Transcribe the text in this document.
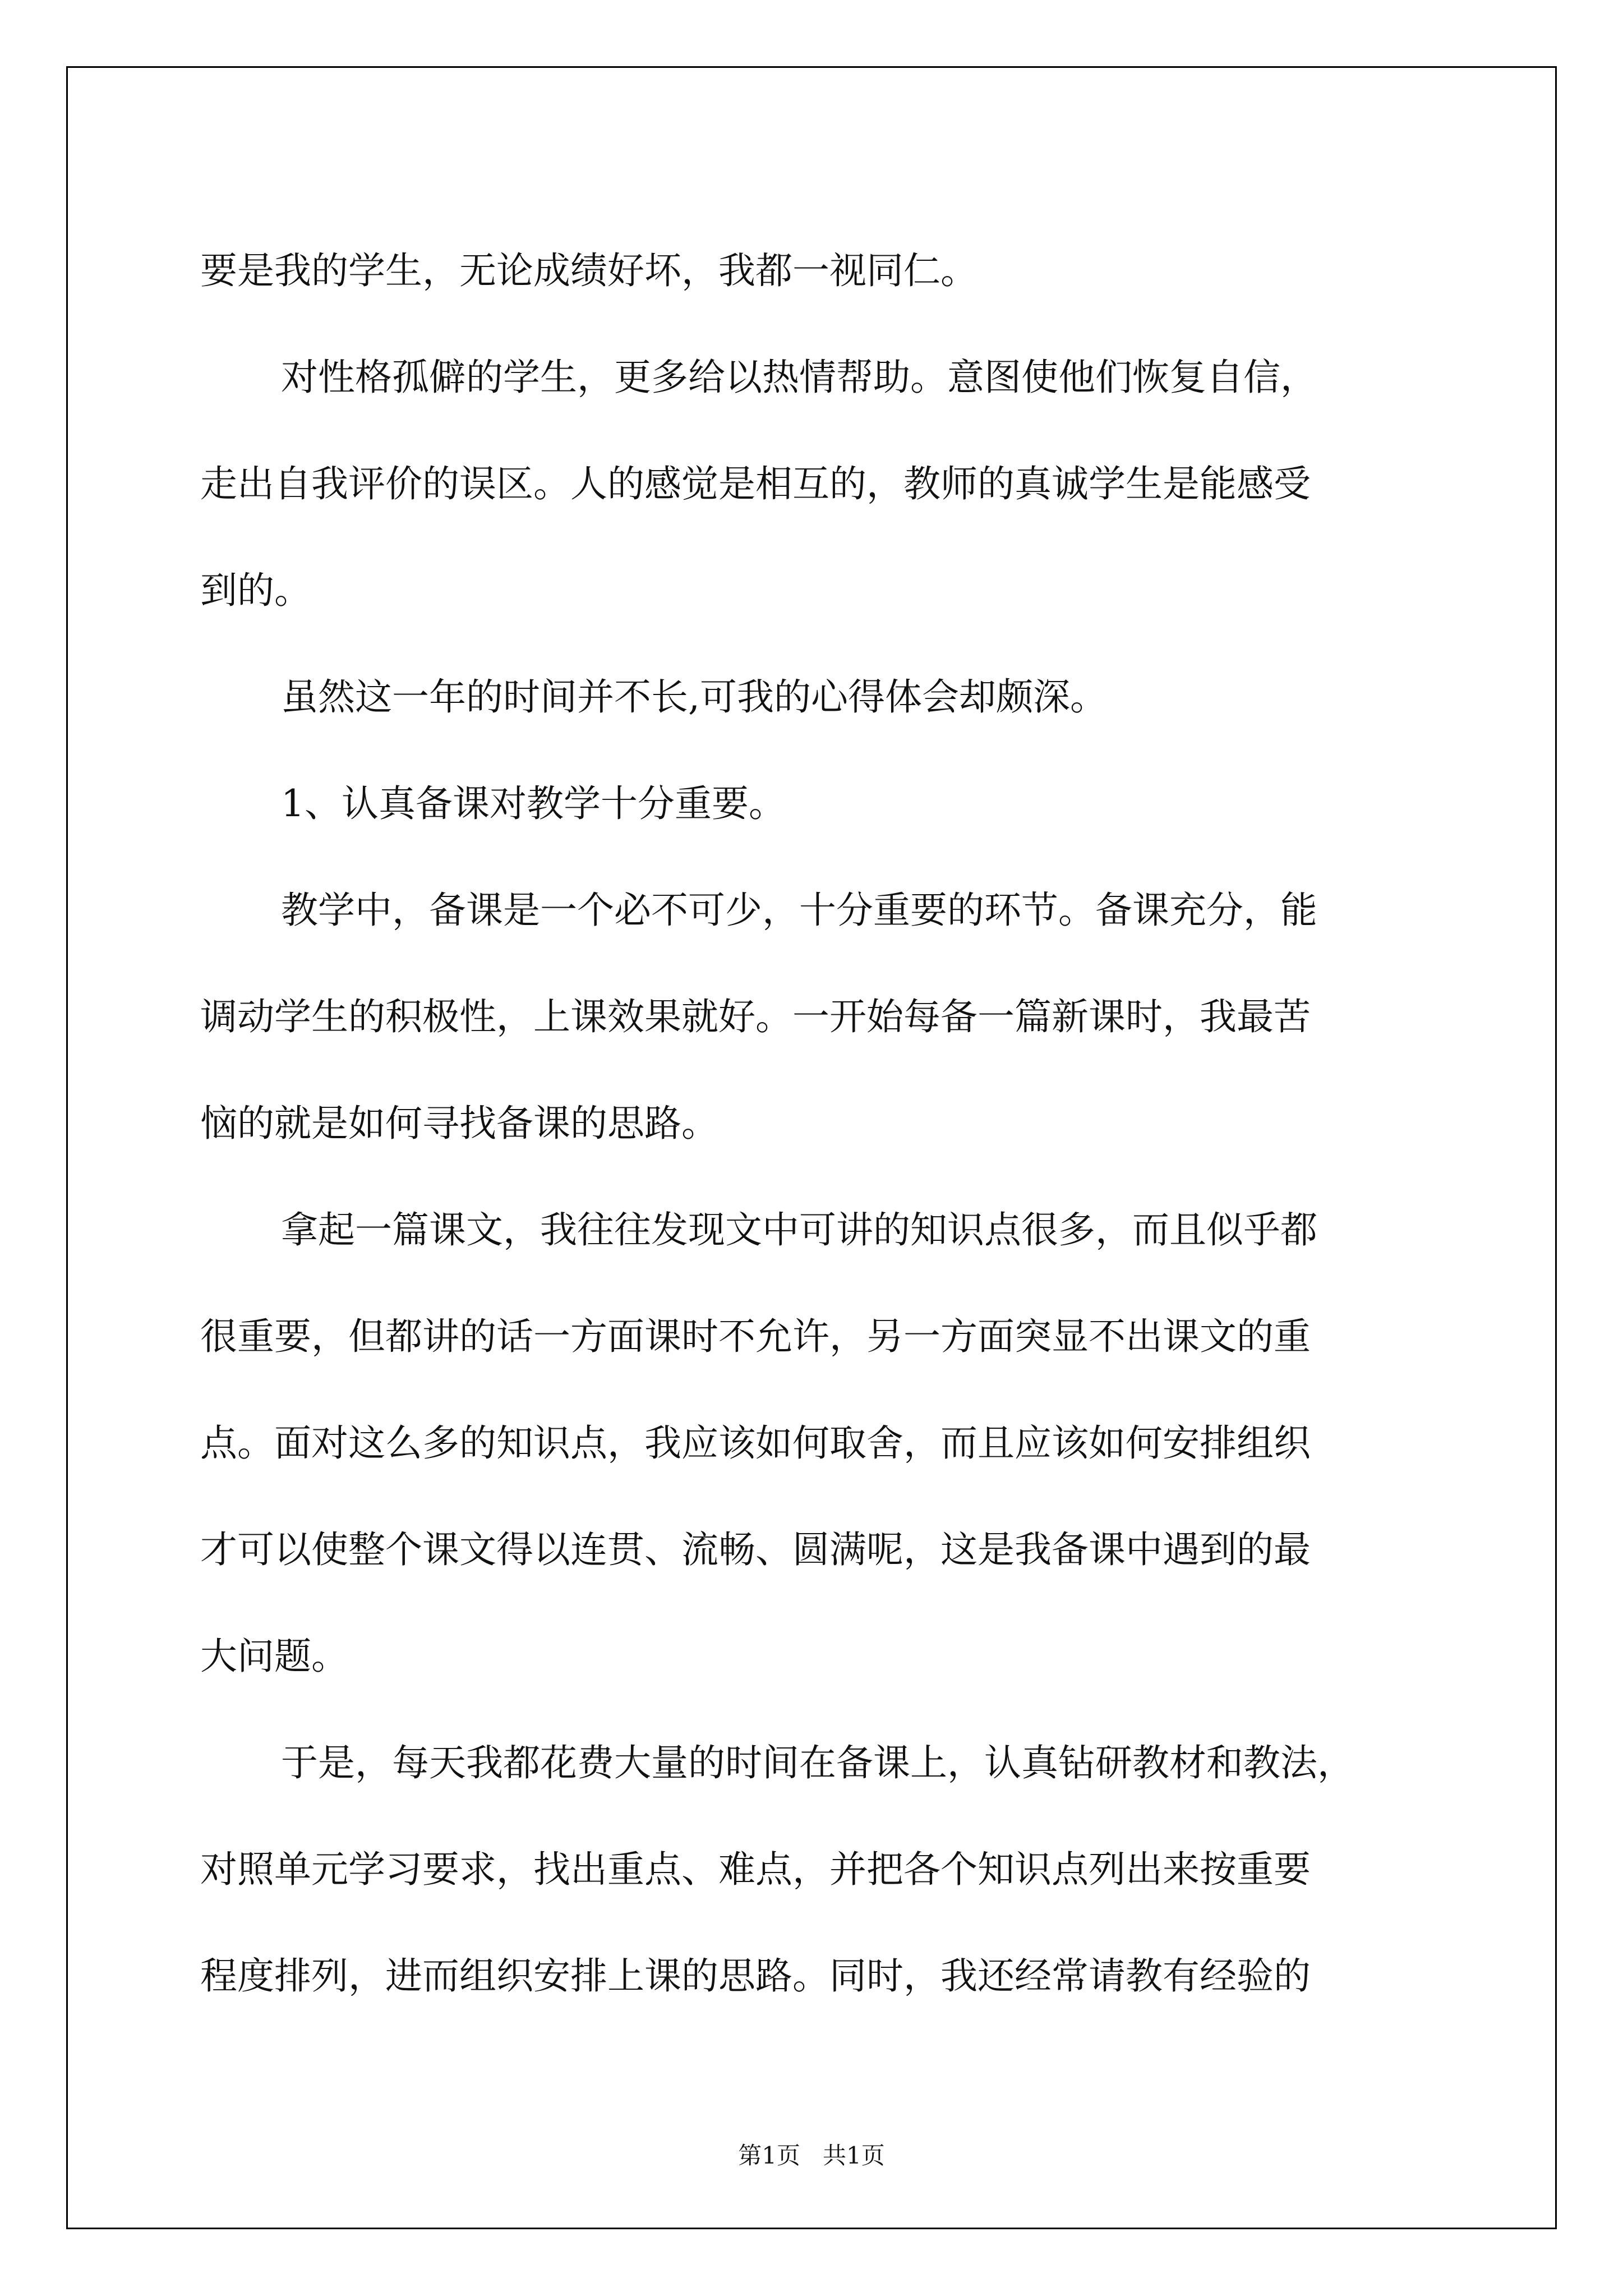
要是我的学生，无论成绩好坏，我都一视同仁。
对性格孤僻的学生，更多给以热情帮助。意图使他们恢复自信，
走出自我评价的误区。人的感觉是相互的，教师的真诚学生是能感受
到的。
虽然这一年的时间并不长,可我的心得体会却颇深。
1、认真备课对教学十分重要。
教学中，备课是一个必不可少，十分重要的环节。备课充分，能
调动学生的积极性，上课效果就好。一开始每备一篇新课时，我最苦
恼的就是如何寻找备课的思路。
拿起一篇课文，我往往发现文中可讲的知识点很多，而且似乎都
很重要，但都讲的话一方面课时不允许，另一方面突显不出课文的重
点。面对这么多的知识点，我应该如何取舍，而且应该如何安排组织
才可以使整个课文得以连贯、流畅、圆满呢，这是我备课中遇到的最
大问题。
于是，每天我都花费大量的时间在备课上，认真钻研教材和教法，
对照单元学习要求，找出重点、难点，并把各个知识点列出来按重要
程度排列，进而组织安排上课的思路。同时，我还经常请教有经验的
第1页   共1页
